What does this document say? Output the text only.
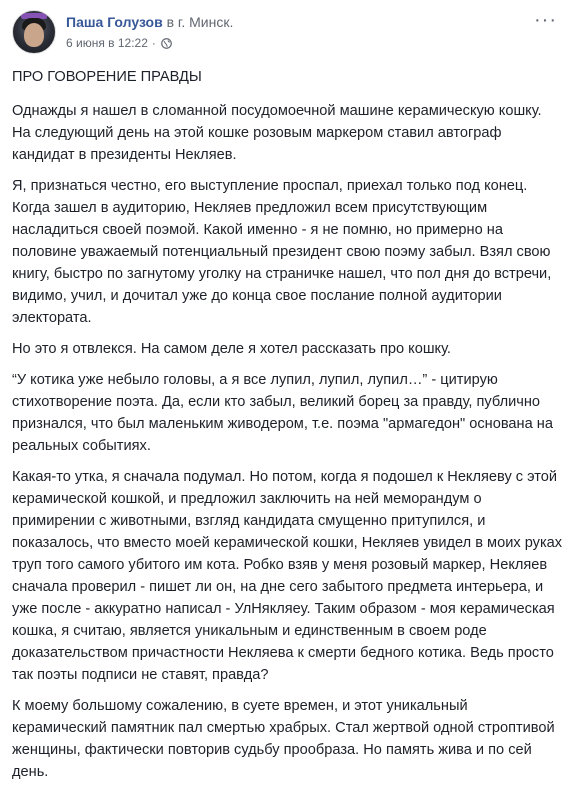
Паша Голузов в г. Минск.
6 июня в 12:22 ·
···

ПРО ГОВОРЕНИЕ ПРАВДЫ

Однажды я нашел в сломанной посудомоечной машине керамическую кошку. На следующий день на этой кошке розовым маркером ставил автограф кандидат в президенты Некляев.

Я, признаться честно, его выступление проспал, приехал только под конец. Когда зашел в аудиторию, Некляев предложил всем присутствующим насладиться своей поэмой. Какой именно - я не помню, но примерно на половине уважаемый потенциальный президент свою поэму забыл. Взял свою книгу, быстро по загнутому уголку на страничке нашел, что пол дня до встречи, видимо, учил, и дочитал уже до конца свое послание полной аудитории электората.

Но это я отвлекся. На самом деле я хотел рассказать про кошку.

“У котика уже небыло головы, а я все лупил, лупил, лупил…” - цитирую стихотворение поэта. Да, если кто забыл, великий борец за правду, публично признался, что был маленьким живодером, т.е. поэма "армагедон" основана на реальных событиях.

Какая-то утка, я сначала подумал. Но потом, когда я подошел к Некляеву с этой керамической кошкой, и предложил заключить на ней меморандум о примирении с животными, взгляд кандидата смущенно притупился, и показалось, что вместо моей керамической кошки, Некляев увидел в моих руках труп того самого убитого им кота. Робко взяв у меня розовый маркер, Некляев сначала проверил - пишет ли он, на дне сего забытого предмета интерьера, и уже после - аккуратно написал - УлНякляеу. Таким образом - моя керамическая кошка, я считаю, является уникальным и единственным в своем роде доказательством причастности Некляева к смерти бедного котика. Ведь просто так поэты подписи не ставят, правда?

К моему большому сожалению, в суете времен, и этот уникальный керамический памятник пал смертью храбрых. Стал жертвой одной строптивой женщины, фактически повторив судьбу прообраза. Но память жива и по сей день.
